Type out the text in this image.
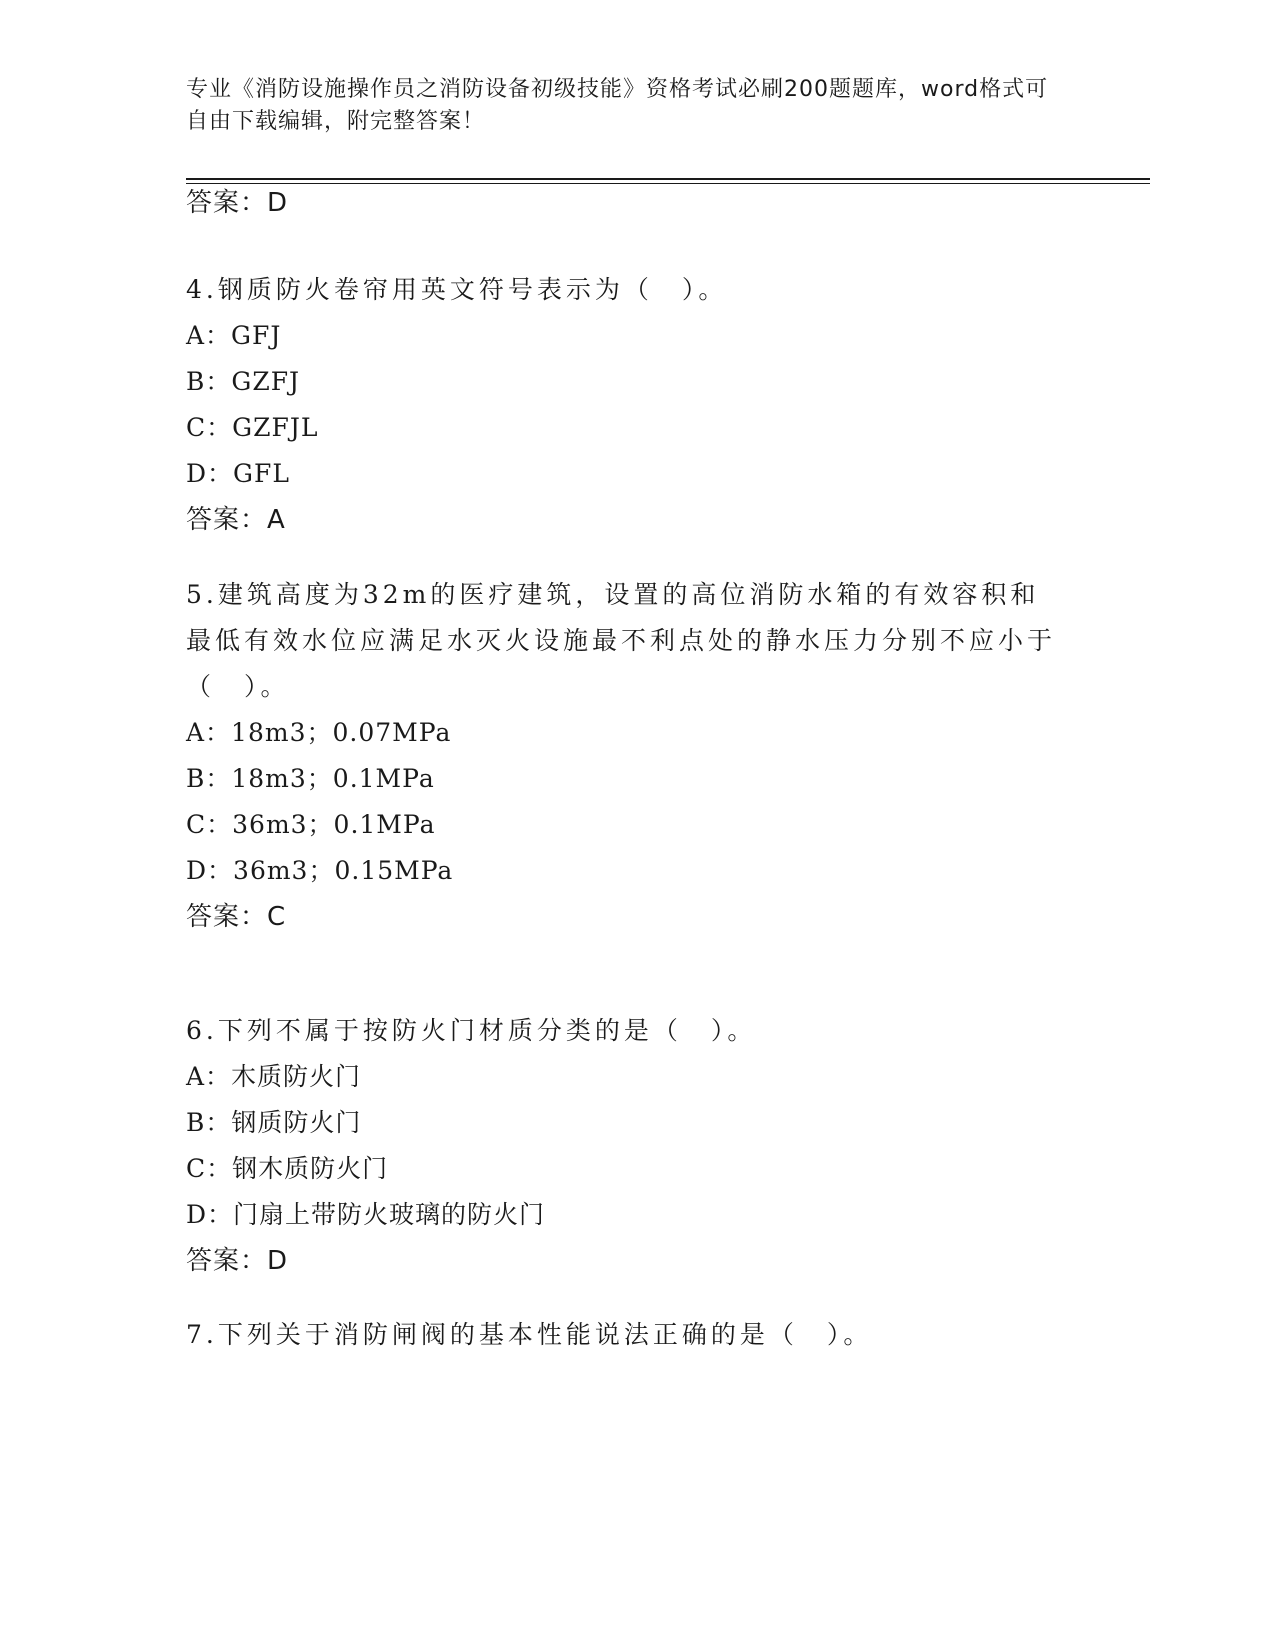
专业《消防设施操作员之消防设备初级技能》资格考试必刷200题题库，word格式可自由下载编辑，附完整答案！

答案：D

4.钢质防火卷帘用英文符号表示为（　）。

A：GFJ

B：GZFJ

C：GZFJL

D：GFL

答案：A

5.建筑高度为32m的医疗建筑，设置的高位消防水箱的有效容积和最低有效水位应满足水灭火设施最不利点处的静水压力分别不应小于（　）。

A：18m3；0.07MPa

B：18m3；0.1MPa

C：36m3；0.1MPa

D：36m3；0.15MPa

答案：C

6.下列不属于按防火门材质分类的是（　）。

A：木质防火门

B：钢质防火门

C：钢木质防火门

D：门扇上带防火玻璃的防火门

答案：D

7.下列关于消防闸阀的基本性能说法正确的是（　）。
